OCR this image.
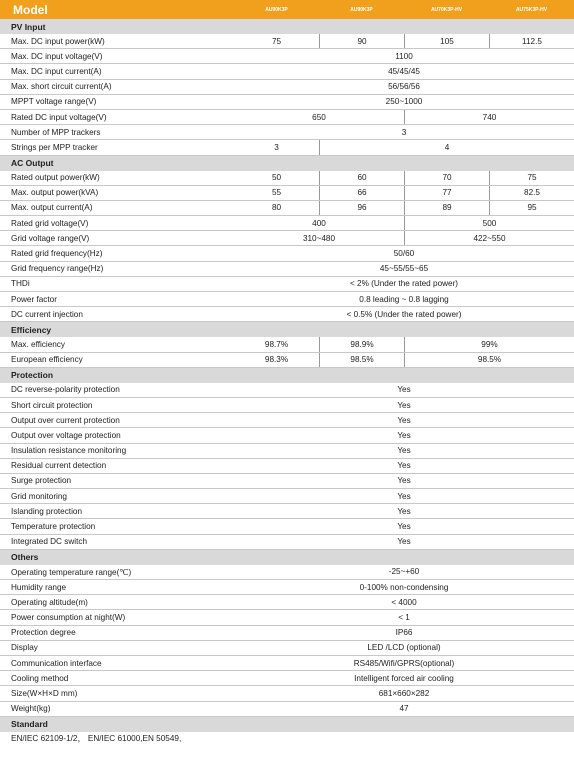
Model	AU90K3P	AU90K3P	AU70K3P-HV	AU75K3P-HV
PV Input
Max. DC input power(kW)	75	90	105	112.5
Max. DC input voltage(V)	1100
Max. DC input current(A)	45/45/45
Max. short circuit current(A)	56/56/56
MPPT voltage range(V)	250~1000
Rated DC input voltage(V)	650	740
Number of MPP trackers	3
Strings per MPP tracker	3	4
AC Output
Rated output power(kW)	50	60	70	75
Max. output power(kVA)	55	66	77	82.5
Max. output current(A)	80	96	89	95
Rated grid voltage(V)	400	500
Grid voltage range(V)	310~480	422~550
Rated grid frequency(Hz)	50/60
Grid frequency range(Hz)	45~55/55~65
THDi	< 2% (Under the rated power)
Power factor	0.8 leading ~ 0.8 lagging
DC current injection	< 0.5% (Under the rated power)
Efficiency
Max. efficiency	98.7%	98.9%	99%
European efficiency	98.3%	98.5%	98.5%
Protection
DC reverse-polarity protection	Yes
Short circuit protection	Yes
Output over current protection	Yes
Output over voltage protection	Yes
Insulation resistance monitoring	Yes
Residual current detection	Yes
Surge protection	Yes
Grid monitoring	Yes
Islanding protection	Yes
Temperature protection	Yes
Integrated DC switch	Yes
Others
Operating temperature range(℃)	-25~+60
Humidity range	0-100% non-condensing
Operating altitude(m)	< 4000
Power consumption at night(W)	< 1
Protection degree	IP66
Display	LED /LCD (optional)
Communication interface	RS485/Wifi/GPRS(optional)
Cooling method	Intelligent forced air cooling
Size(W×H×D mm)	681×660×282
Weight(kg)	47
Standard
EN/IEC 62109-1/2， EN/IEC 61000,EN 50549,
